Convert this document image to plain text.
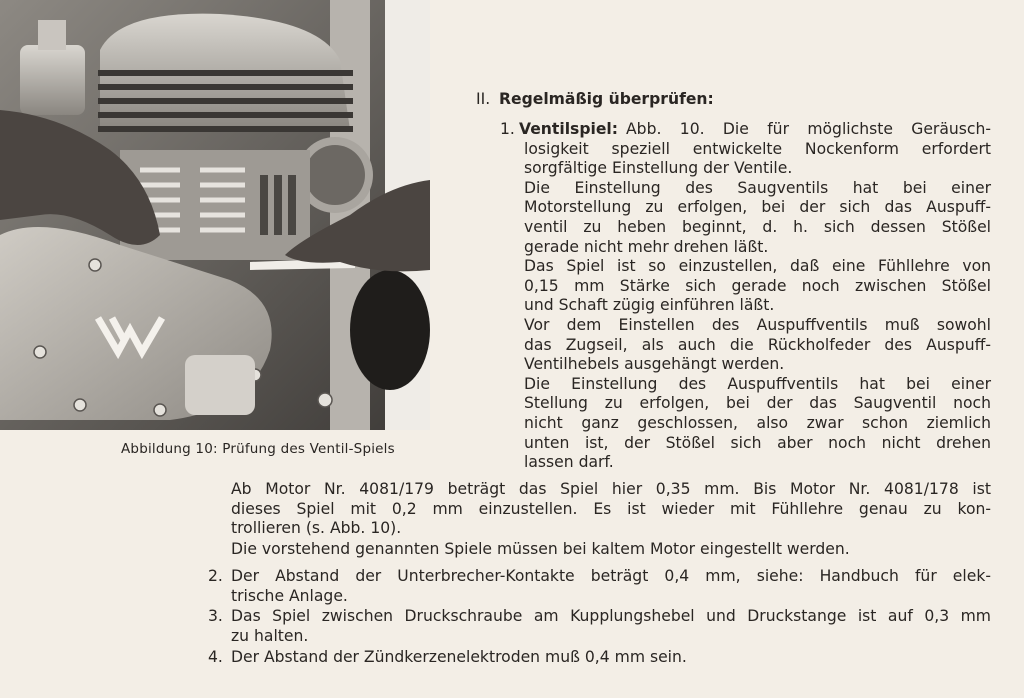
Abbildung 10: Prüfung des Ventil-Spiels
II. Regelmäßig überprüfen:
1. Ventilspiel: Abb. 10. Die für möglichste Geräusch-
losigkeit speziell entwickelte Nockenform erfordert
sorgfältige Einstellung der Ventile.
Die Einstellung des Saugventils hat bei einer
Motorstellung zu erfolgen, bei der sich das Auspuff-
ventil zu heben beginnt, d. h. sich dessen Stößel
gerade nicht mehr drehen läßt.
Das Spiel ist so einzustellen, daß eine Fühllehre von
0,15 mm Stärke sich gerade noch zwischen Stößel
und Schaft zügig einführen läßt.
Vor dem Einstellen des Auspuffventils muß sowohl
das Zugseil, als auch die Rückholfeder des Auspuff-
Ventilhebels ausgehängt werden.
Die Einstellung des Auspuffventils hat bei einer
Stellung zu erfolgen, bei der das Saugventil noch
nicht ganz geschlossen, also zwar schon ziemlich
unten ist, der Stößel sich aber noch nicht drehen
lassen darf.
Ab Motor Nr. 4081/179 beträgt das Spiel hier 0,35 mm. Bis Motor Nr. 4081/178 ist
dieses Spiel mit 0,2 mm einzustellen. Es ist wieder mit Fühllehre genau zu kon-
trollieren (s. Abb. 10).
Die vorstehend genannten Spiele müssen bei kaltem Motor eingestellt werden.
2. Der Abstand der Unterbrecher-Kontakte beträgt 0,4 mm, siehe: Handbuch für elek-
trische Anlage.
3. Das Spiel zwischen Druckschraube am Kupplungshebel und Druckstange ist auf 0,3 mm
zu halten.
4. Der Abstand der Zündkerzenelektroden muß 0,4 mm sein.
